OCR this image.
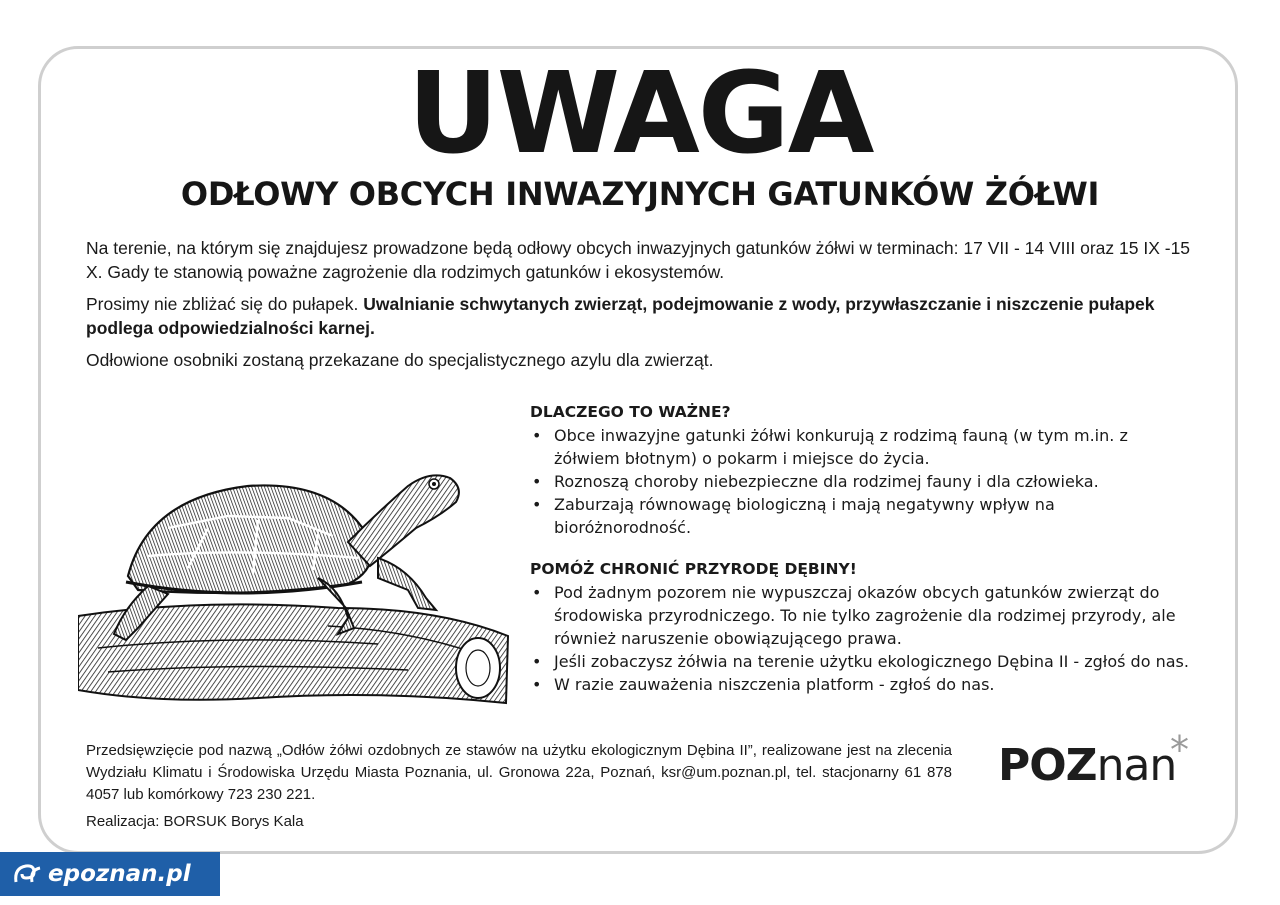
UWAGA
ODŁOWY OBCYCH INWAZYJNYCH GATUNKÓW ŻÓŁWI

Na terenie, na którym się znajdujesz prowadzone będą odłowy obcych inwazyjnych gatunków żółwi w terminach: 17 VII - 14 VIII oraz 15 IX -15 X. Gady te stanowią poważne zagrożenie dla rodzimych gatunków i ekosystemów.

Prosimy nie zbliżać się do pułapek. Uwalnianie schwytanych zwierząt, podejmowanie z wody, przywłaszczanie i niszczenie pułapek podlega odpowiedzialności karnej.

Odłowione osobniki zostaną przekazane do specjalistycznego azylu dla zwierząt.

DLACZEGO TO WAŻNE?
• Obce inwazyjne gatunki żółwi konkurują z rodzimą fauną (w tym m.in. z żółwiem błotnym) o pokarm i miejsce do życia.
• Roznoszą choroby niebezpieczne dla rodzimej fauny i dla człowieka.
• Zaburzają równowagę biologiczną i mają negatywny wpływ na bioróżnorodność.
POMÓŻ CHRONIĆ PRZYRODĘ DĘBINY!
• Pod żadnym pozorem nie wypuszczaj okazów obcych gatunków zwierząt do środowiska przyrodniczego. To nie tylko zagrożenie dla rodzimej przyrody, ale również naruszenie obowiązującego prawa.
• Jeśli zobaczysz żółwia na terenie użytku ekologicznego Dębina II - zgłoś do nas.
• W razie zauważenia niszczenia platform - zgłoś do nas.
Przedsięwzięcie pod nazwą „Odłów żółwi ozdobnych ze stawów na użytku ekologicznym Dębina II”, realizowane jest na zlecenia Wydziału Klimatu i Środowiska Urzędu Miasta Poznania, ul. Gronowa 22a, Poznań, ksr@um.poznan.pl, tel. stacjonarny 61 878 4057 lub komórkowy 723 230 221.
Realizacja: BORSUK Borys Kala
POZnan
*
epoznan.pl
